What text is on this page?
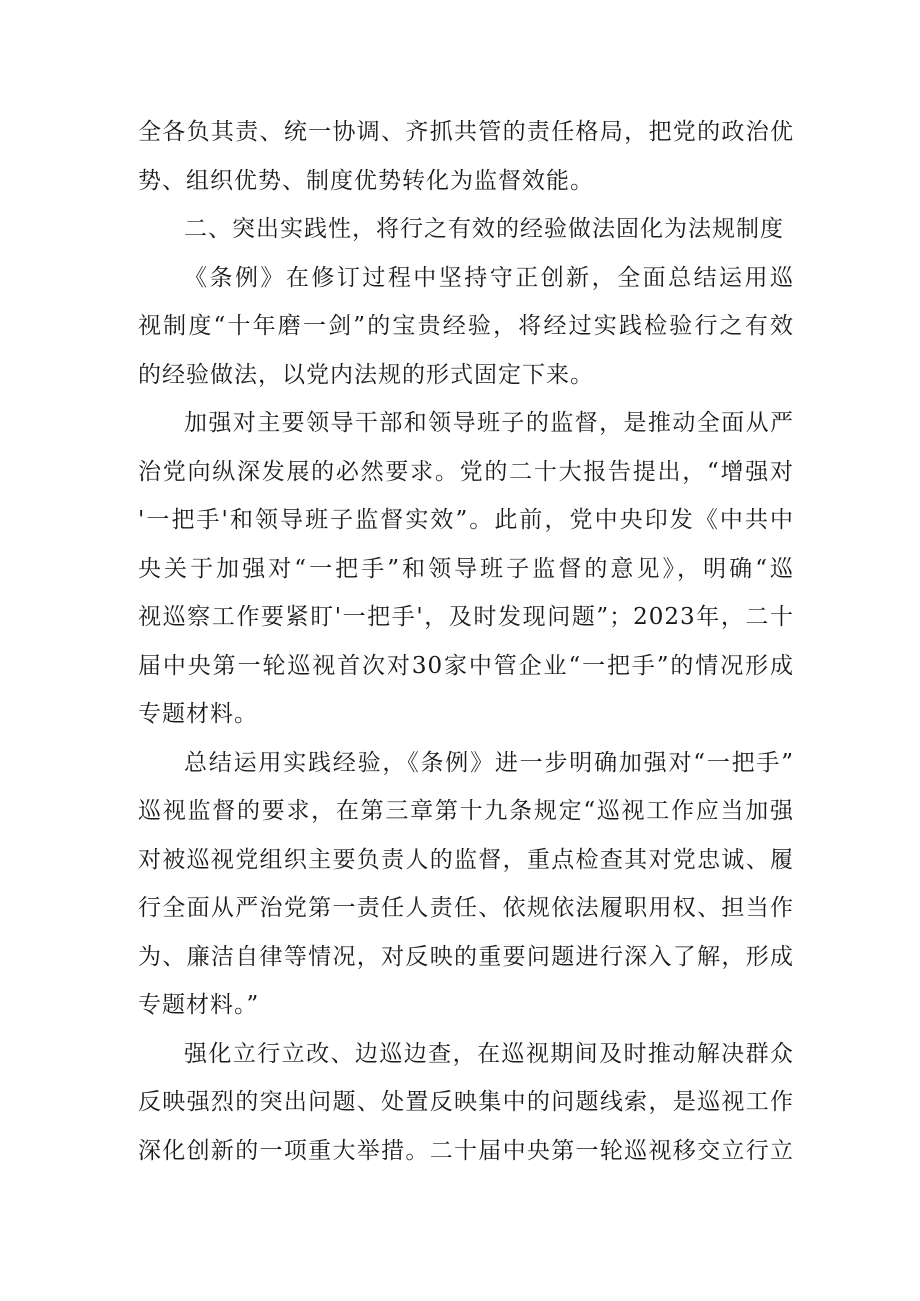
全各负其责、统一协调、齐抓共管的责任格局，把党的政治优
势、组织优势、制度优势转化为监督效能。
二、突出实践性，将行之有效的经验做法固化为法规制度
《条例》在修订过程中坚持守正创新，全面总结运用巡
视制度“十年磨一剑”的宝贵经验，将经过实践检验行之有效
的经验做法，以党内法规的形式固定下来。
加强对主要领导干部和领导班子的监督，是推动全面从严
治党向纵深发展的必然要求。党的二十大报告提出，“增强对
'一把手'和领导班子监督实效”。此前，党中央印发《中共中
央关于加强对“一把手”和领导班子监督的意见》，明确“巡
视巡察工作要紧盯'一把手'，及时发现问题”；2023年，二十
届中央第一轮巡视首次对30家中管企业“一把手”的情况形成
专题材料。
总结运用实践经验，《条例》进一步明确加强对“一把手”
巡视监督的要求，在第三章第十九条规定“巡视工作应当加强
对被巡视党组织主要负责人的监督，重点检查其对党忠诚、履
行全面从严治党第一责任人责任、依规依法履职用权、担当作
为、廉洁自律等情况，对反映的重要问题进行深入了解，形成
专题材料。”
强化立行立改、边巡边查，在巡视期间及时推动解决群众
反映强烈的突出问题、处置反映集中的问题线索，是巡视工作
深化创新的一项重大举措。二十届中央第一轮巡视移交立行立
